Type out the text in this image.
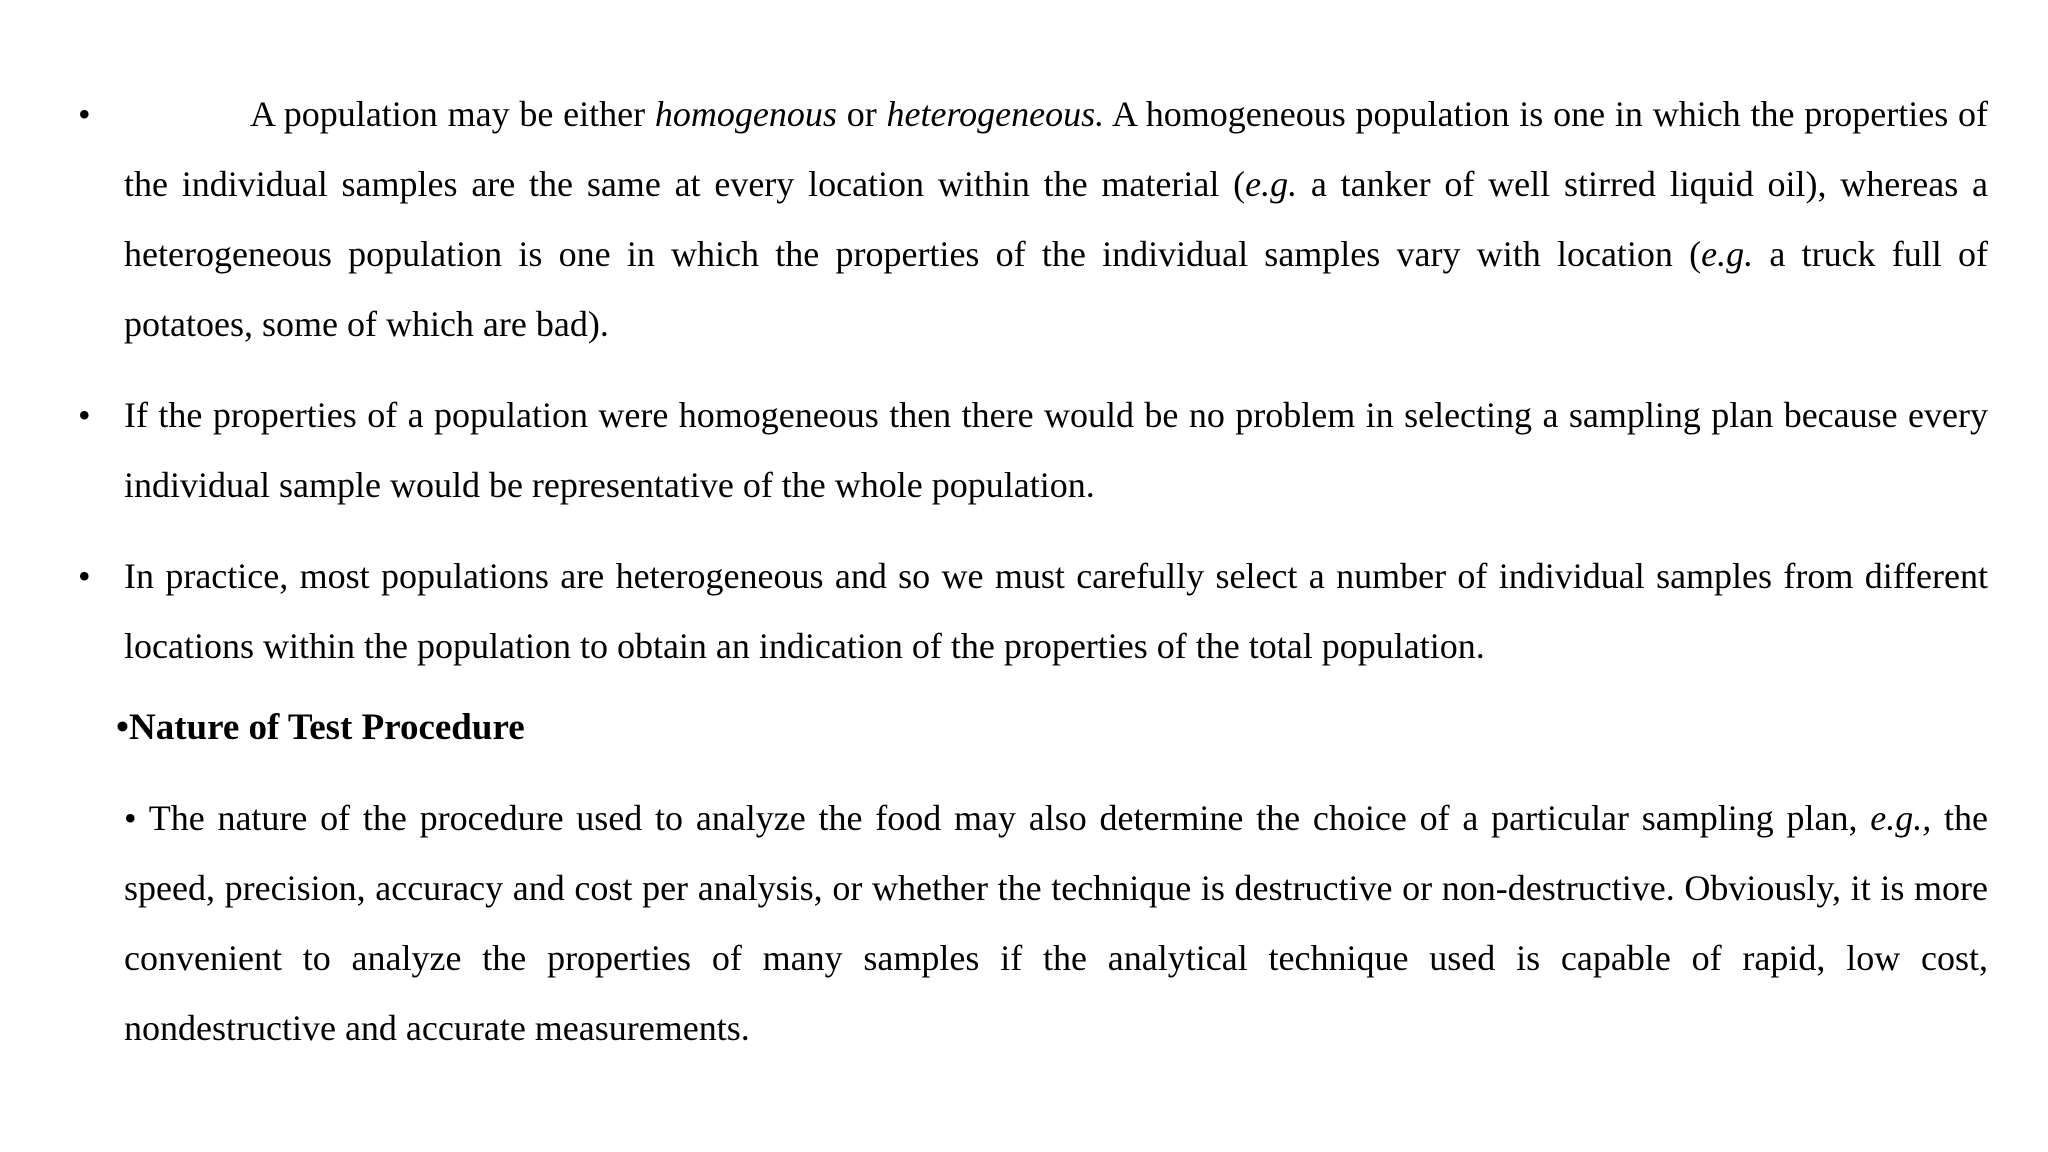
•	A population may be either homogenous or heterogeneous. A homogeneous population is one in which the properties of the individual samples are the same at every location within the material (e.g. a tanker of well stirred liquid oil), whereas a heterogeneous population is one in which the properties of the individual samples vary with location (e.g. a truck full of potatoes, some of which are bad).
• If the properties of a population were homogeneous then there would be no problem in selecting a sampling plan because every individual sample would be representative of the whole population.
• In practice, most populations are heterogeneous and so we must carefully select a number of individual samples from different locations within the population to obtain an indication of the properties of the total population.
•Nature of Test Procedure
• The nature of the procedure used to analyze the food may also determine the choice of a particular sampling plan, e.g., the speed, precision, accuracy and cost per analysis, or whether the technique is destructive or non-destructive. Obviously, it is more convenient to analyze the properties of many samples if the analytical technique used is capable of rapid, low cost, nondestructive and accurate measurements.
